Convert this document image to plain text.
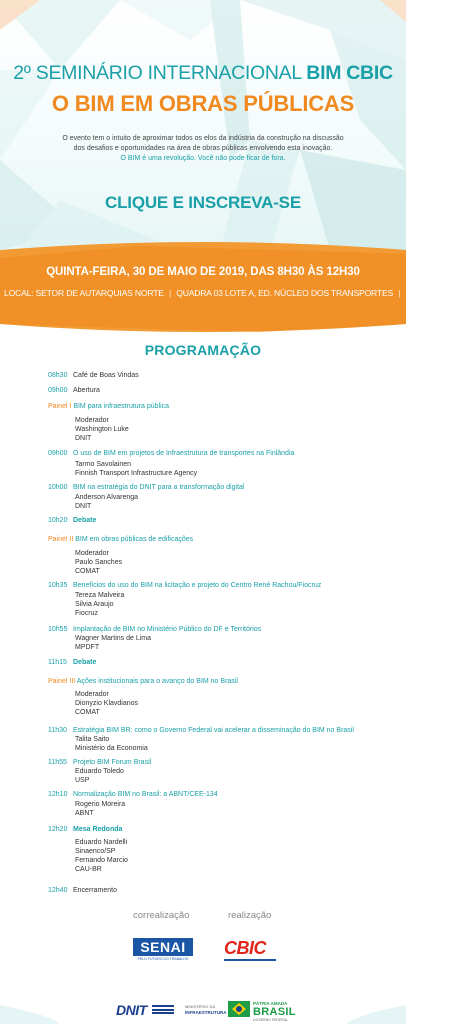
2º SEMINÁRIO INTERNACIONAL BIM CBIC
O BIM EM OBRAS PÚBLICAS
O evento tem o intuito de aproximar todos os elos da indústria da construção na discussão
dos desafios e oportunidades na área de obras públicas envolvendo esta inovação.
O BIM é uma revolução. Você não pode ficar de fora.
CLIQUE E INSCREVA-SE
QUINTA-FEIRA, 30 DE MAIO DE 2019, DAS 8H30 ÀS 12H30
LOCAL: SETOR DE AUTARQUIAS NORTE | QUADRA 03 LOTE A, ED. NÚCLEO DOS TRANSPORTES | BRASÍLIA-DF
PROGRAMAÇÃO
08h30 Café de Boas Vindas
09h00 Abertura
Painel I BIM para infraestrutura pública
Moderador
Washington Luke
DNIT
09h00 O uso de BIM em projetos de Infraestrutura de transportes na Finlândia
Tarmo Savolainen
Finnish Transport Infrastructure Agency
10h00 BIM na estratégia do DNIT para a transformação digital
Anderson Alvarenga
DNIT
10h20 Debate
Painel II BIM em obras públicas de edificações
Moderador
Paulo Sanches
COMAT
10h35 Benefícios do uso do BIM na licitação e projeto do Centro René Rachou/Fiocruz
Tereza Malveira
Silvia Araujo
Fiocruz
10h55 Implantação de BIM no Ministério Público do DF e Territórios
Wagner Martins de Lima
MPDFT
11h15 Debate
Painel III Ações institucionais para o avanço do BIM no Brasil
Moderador
Dionyzio Klavdianos
COMAT
11h30 Estratégia BIM BR: como o Governo Federal vai acelerar a disseminação do BIM no Brasil
Talita Saito
Ministério da Economia
11h55 Projeto BIM Forum Brasil
Eduardo Toledo
USP
12h10 Normalização BIM no Brasil: a ABNT/CEE-134
Rogerio Moreira
ABNT
12h20 Mesa Redonda
Eduardo Nardelli
Sinaenco/SP
Fernando Marcio
CAU-BR
12h40 Encerramento
correalização	realização
SENAI
PELO FUTURO DO TRABALHO
CBIC
DNIT	MINISTÉRIO DA
INFRAESTRUTURA
PÁTRIA AMADA
BRASIL
GOVERNO FEDERAL
